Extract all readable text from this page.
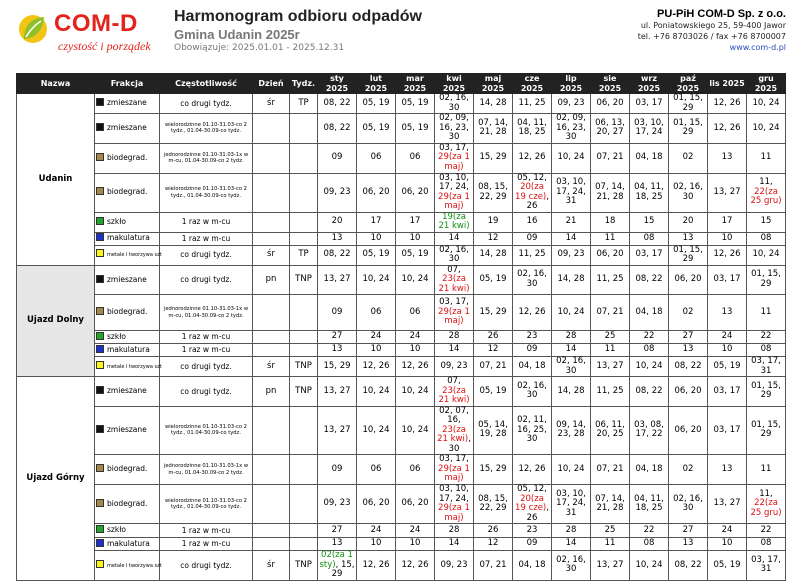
COM-D
czystość i porządek
Harmonogram odbioru odpadów
Gmina Udanin 2025r
Obowiązuje: 2025.01.01 - 2025.12.31
PU-PiH COM-D Sp. z o.o.
ul. Poniatowskiego 25, 59-400 Jawor
tel. +76 8703026 / fax +76 8700007
www.com-d.pl
Nazwa	Frakcja	Częstotliwość	Dzień	Tydz.	sty 2025	lut 2025	mar 2025	kwi 2025	maj 2025	cze 2025	lip 2025	sie 2025	wrz 2025	paź 2025	lis 2025	gru 2025
Udanin	zmieszane	co drugi tydz.	śr	TP	08, 22	05, 19	05, 19	02, 16, 30	14, 28	11, 25	09, 23	06, 20	03, 17	01, 15, 29	12, 26	10, 24
	zmieszane	wielorodzinne 01.10-31.03-co 2 tydz., 01.04-30.09-co tydz.			08, 22	05, 19	05, 19	02, 09, 16, 23, 30	07, 14, 21, 28	04, 11, 18, 25	02, 09, 16, 23, 30	06, 13, 20, 27	03, 10, 17, 24	01, 15, 29	12, 26	10, 24
	biodegrad.	jednorodzinne 01.10-31.03-1x w m-cu, 01.04-30.09-co 2 tydz.			09	06	06	03, 17, 29(za 1 maj)	15, 29	12, 26	10, 24	07, 21	04, 18	02	13	11
	biodegrad.	wielorodzinne 01.10-31.03-co 2 tydz., 01.04-30.09-co tydz.			09, 23	06, 20	06, 20	03, 10, 17, 24, 29(za 1 maj)	08, 15, 22, 29	05, 12, 20(za 19 cze), 26	03, 10, 17, 24, 31	07, 14, 21, 28	04, 11, 18, 25	02, 16, 30	13, 27	11, 22(za 25 gru)
	szkło	1 raz w m-cu			20	17	17	19(za 21 kwi)	19	16	21	18	15	20	17	15
	makulatura	1 raz w m-cu			13	10	10	14	12	09	14	11	08	13	10	08
	metale i tworzywa szt	co drugi tydz.	śr	TP	08, 22	05, 19	05, 19	02, 16, 30	14, 28	11, 25	09, 23	06, 20	03, 17	01, 15, 29	12, 26	10, 24
Ujazd Dolny	zmieszane	co drugi tydz.	pn	TNP	13, 27	10, 24	10, 24	07, 23(za 21 kwi)	05, 19	02, 16, 30	14, 28	11, 25	08, 22	06, 20	03, 17	01, 15, 29
	biodegrad.	jednorodzinne 01.10-31.03-1x w m-cu, 01.04-30.09-co 2 tydz.			09	06	06	03, 17, 29(za 1 maj)	15, 29	12, 26	10, 24	07, 21	04, 18	02	13	11
	szkło	1 raz w m-cu			27	24	24	28	26	23	28	25	22	27	24	22
	makulatura	1 raz w m-cu			13	10	10	14	12	09	14	11	08	13	10	08
	metale i tworzywa szt	co drugi tydz.	śr	TNP	15, 29	12, 26	12, 26	09, 23	07, 21	04, 18	02, 16, 30	13, 27	10, 24	08, 22	05, 19	03, 17, 31
Ujazd Górny	zmieszane	co drugi tydz.	pn	TNP	13, 27	10, 24	10, 24	07, 23(za 21 kwi)	05, 19	02, 16, 30	14, 28	11, 25	08, 22	06, 20	03, 17	01, 15, 29
	zmieszane	wielorodzinne 01.10-31.03-co 2 tydz., 01.04-30.09-co tydz.			13, 27	10, 24	10, 24	02, 07, 16, 23(za 21 kwi), 30	05, 14, 19, 28	02, 11, 16, 25, 30	09, 14, 23, 28	06, 11, 20, 25	03, 08, 17, 22	06, 20	03, 17	01, 15, 29
	biodegrad.	jednorodzinne 01.10-31.03-1x w m-cu, 01.04-30.09-co 2 tydz.			09	06	06	03, 17, 29(za 1 maj)	15, 29	12, 26	10, 24	07, 21	04, 18	02	13	11
	biodegrad.	wielorodzinne 01.10-31.03-co 2 tydz., 01.04-30.09-co tydz.			09, 23	06, 20	06, 20	03, 10, 17, 24, 29(za 1 maj)	08, 15, 22, 29	05, 12, 20(za 19 cze), 26	03, 10, 17, 24, 31	07, 14, 21, 28	04, 11, 18, 25	02, 16, 30	13, 27	11, 22(za 25 gru)
	szkło	1 raz w m-cu			27	24	24	28	26	23	28	25	22	27	24	22
	makulatura	1 raz w m-cu			13	10	10	14	12	09	14	11	08	13	10	08
	metale i tworzywa szt	co drugi tydz.	śr	TNP	02(za 1 sty), 15, 29	12, 26	12, 26	09, 23	07, 21	04, 18	02, 16, 30	13, 27	10, 24	08, 22	05, 19	03, 17, 31
